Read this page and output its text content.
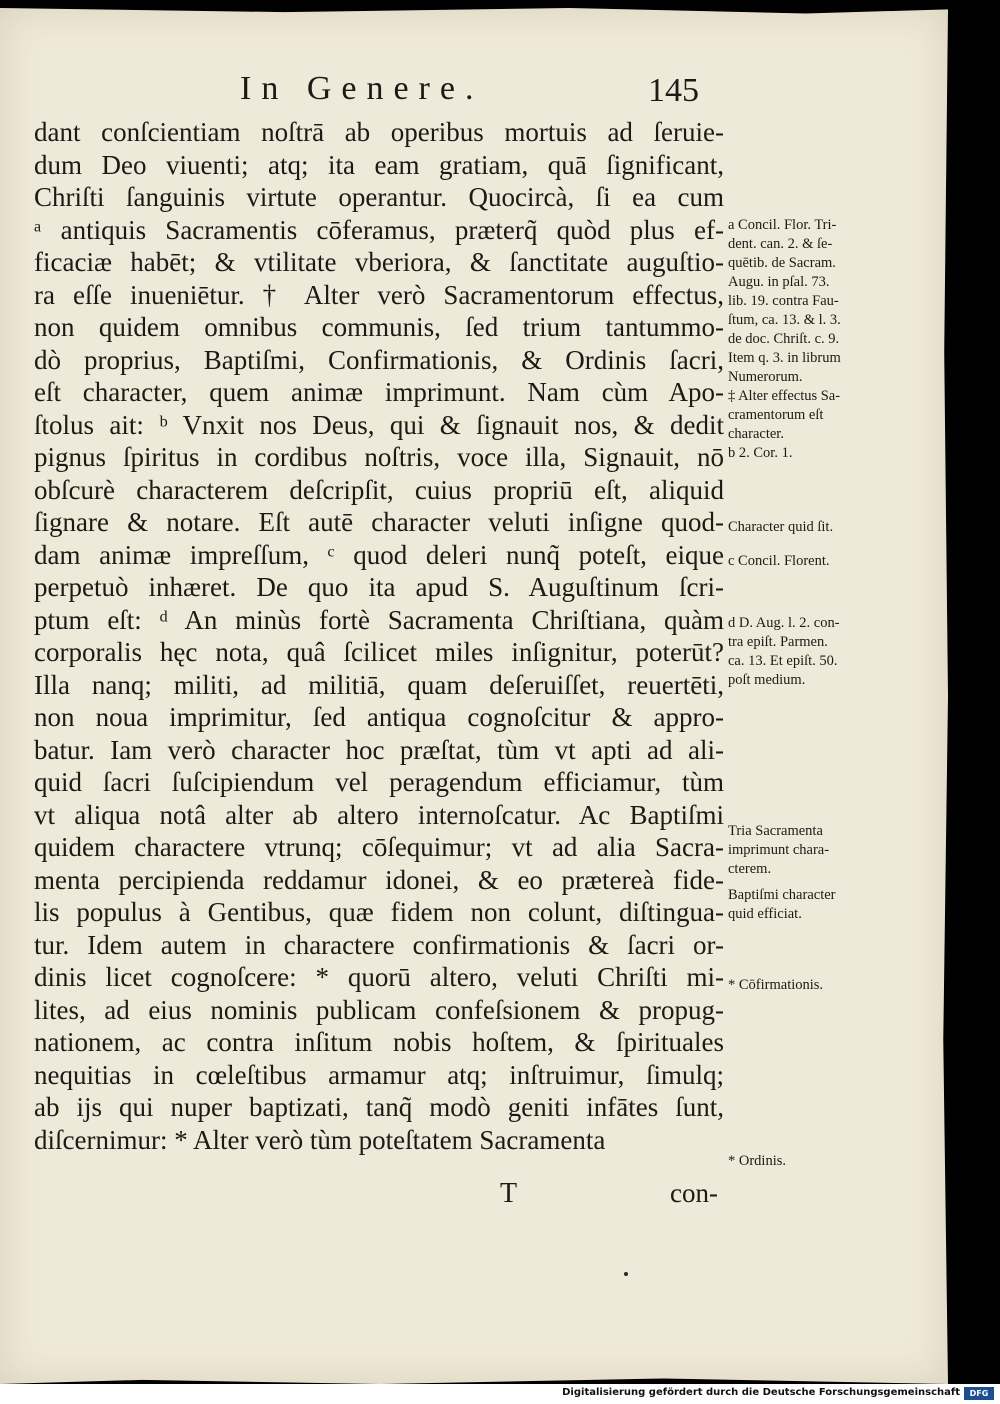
In Genere.	145
dant conſcientiam noſtrā ab operibus mortuis ad ſeruie-
dum Deo viuenti; atq; ita eam gratiam, quā ſignificant,
Chriſti ſanguinis virtute operantur. Quocircà, ſi ea cum
ᵃ antiquis Sacramentis cōferamus, prӕterq̃ quòd plus ef-
ficaciӕ habēt; & vtilitate vberiora, & ſanctitate auguſtio-
ra eſſe inueniētur. † Alter verò Sacramentorum effectus,
non quidem omnibus communis, ſed trium tantummo-
dò proprius, Baptiſmi, Confirmationis, & Ordinis ſacri,
eſt character, quem animӕ imprimunt. Nam cùm Apo-
ſtolus ait: ᵇ Vnxit nos Deus, qui & ſignauit nos, & dedit
pignus ſpiritus in cordibus noſtris, voce illa, Signauit, nō
obſcurè characterem deſcripſit, cuius propriū eſt, aliquid
ſignare & notare. Eſt autē character veluti inſigne quod-
dam animӕ impreſſum, ᶜ quod deleri nunq̃ poteſt, eique
perpetuò inhӕret. De quo ita apud S. Auguſtinum ſcri-
ptum eſt: ᵈ An minùs fortè Sacramenta Chriſtiana, quàm
corporalis hęc nota, quâ ſcilicet miles inſignitur, poterūt?
Illa nanq; militi, ad militiā, quam deſeruiſſet, reuertēti,
non noua imprimitur, ſed antiqua cognoſcitur & appro-
batur. Iam verò character hoc prӕſtat, tùm vt apti ad ali-
quid ſacri ſuſcipiendum vel peragendum efficiamur, tùm
vt aliqua notâ alter ab altero internoſcatur. Ac Baptiſmi
quidem charactere vtrunq; cōſequimur; vt ad alia Sacra-
menta percipienda reddamur idonei, & eo prӕtereà fide-
lis populus à Gentibus, quӕ fidem non colunt, diſtingua-
tur. Idem autem in charactere confirmationis & ſacri or-
dinis licet cognoſcere: * quorū altero, veluti Chriſti mi-
lites, ad eius nominis publicam confeſsionem & propug-
nationem, ac contra inſitum nobis hoſtem, & ſpirituales
nequitias in cœleſtibus armamur atq; inſtruimur, ſimulq;
ab ijs qui nuper baptizati, tanq̃ modò geniti infātes ſunt,
diſcernimur: * Alter verò tùm poteſtatem Sacramenta
T	con-
a Concil. Flor. Tri-
dent. can. 2. & ſe-
quētib. de Sacram.
Augu. in pſal. 73.
lib. 19. contra Fau-
ſtum, ca. 13. & l. 3.
de doc. Chriſt. c. 9.
Item q. 3. in librum
Numerorum.
‡ Alter effectus Sa-
cramentorum eſt
character.
b 2. Cor. 1.
Character quid ſit.
c Concil. Florent.
d D. Aug. l. 2. con-
tra epiſt. Parmen.
ca. 13. Et epiſt. 50.
poſt medium.
Tria Sacramenta
imprimunt chara-
cterem.
Baptiſmi character
quid efficiat.
* Cōfirmationis.
* Ordinis.
Digitalisierung gefördert durch die Deutsche Forschungsgemeinschaft	DFG
